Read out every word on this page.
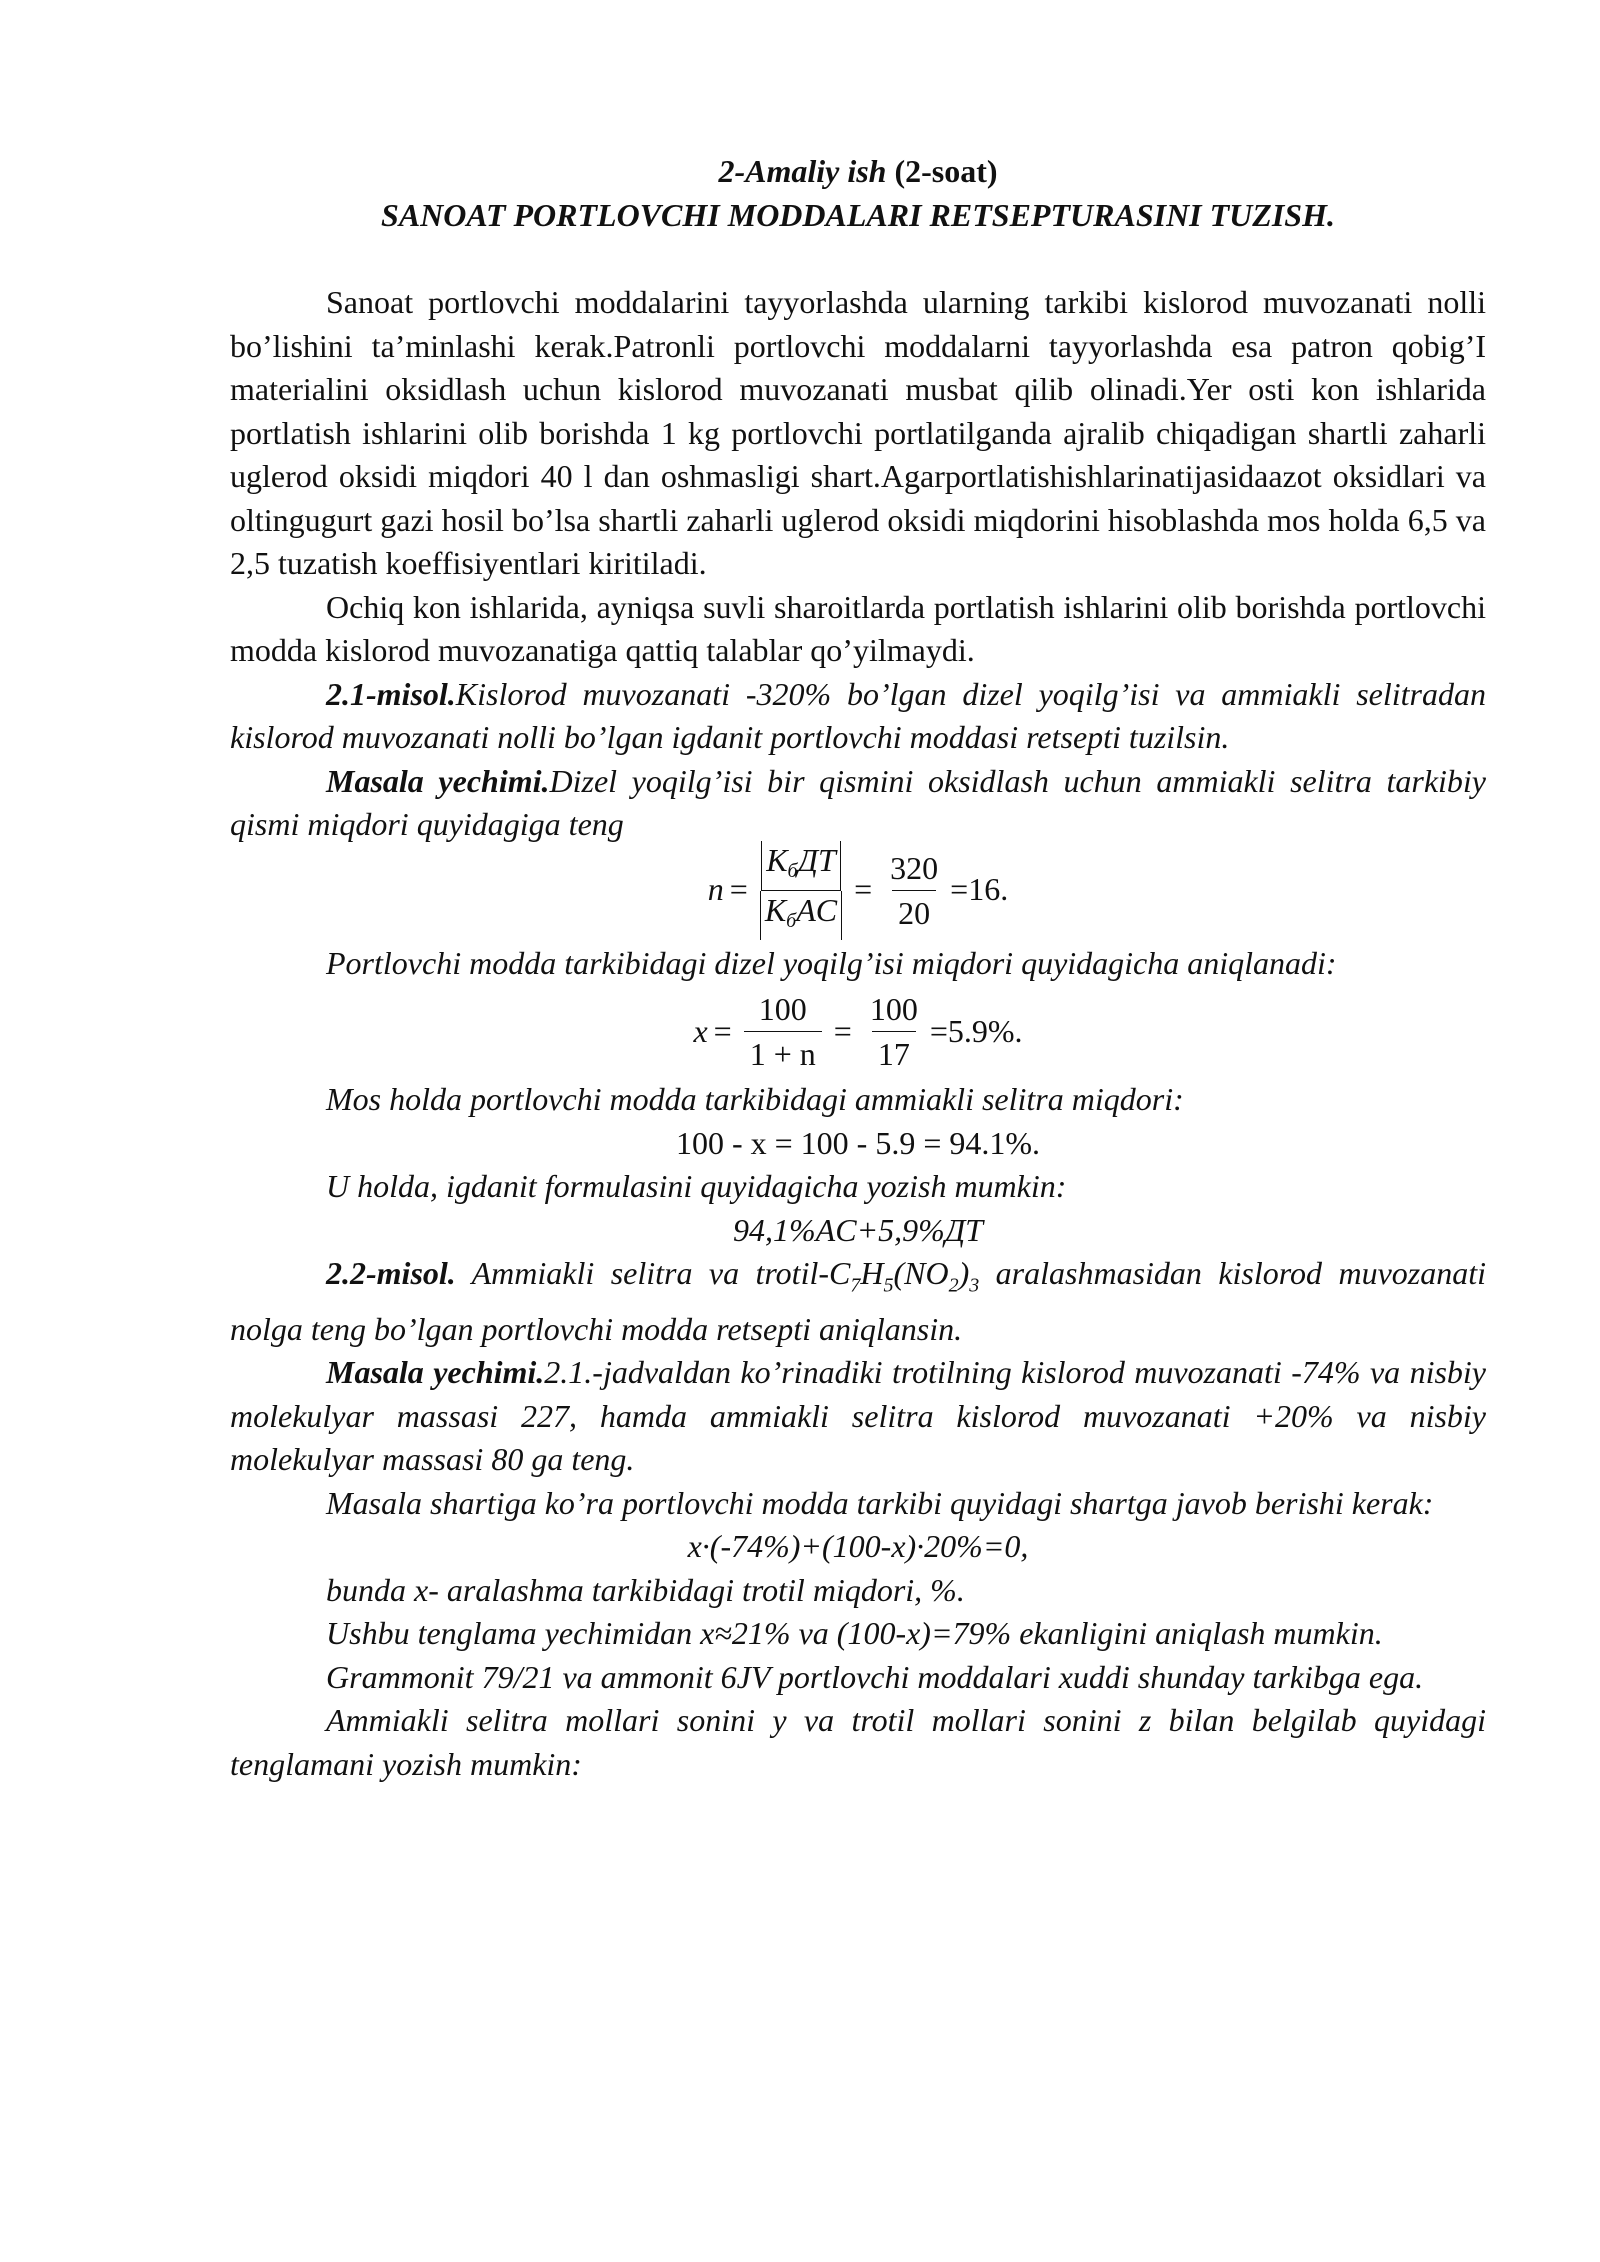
2-Amaliy ish (2-soat)
SANOAT PORTLOVCHI MODDALARI RETSEPTURASINI TUZISH.

Sanoat portlovchi moddalarini tayyorlashda ularning tarkibi kislorod muvozanati nolli bo’lishini ta’minlashi kerak.Patronli portlovchi moddalarni tayyorlashda esa patron qobig’I materialini oksidlash uchun kislorod muvozanati musbat qilib olinadi.Yer osti kon ishlarida portlatish ishlarini olib borishda 1 kg portlovchi portlatilganda ajralib chiqadigan shartli zaharli uglerod oksidi miqdori 40 l dan oshmasligi shart.Agarportlatishishlarinatijasidaazot oksidlari va oltingugurt gazi hosil bo’lsa shartli zaharli uglerod oksidi miqdorini hisoblashda mos holda 6,5 va 2,5 tuzatish koeffisiyentlari kiritiladi.

Ochiq kon ishlarida, ayniqsa suvli sharoitlarda portlatish ishlarini olib borishda portlovchi modda kislorod muvozanatiga qattiq talablar qo’yilmaydi.

2.1-misol.Kislorod muvozanati -320% bo’lgan dizel yoqilg’isi va ammiakli selitradan kislorod muvozanati nolli bo’lgan igdanit portlovchi moddasi retsepti tuzilsin.

Masala yechimi.Dizel yoqilg’isi bir qismini oksidlash uchun ammiakli selitra tarkibiy qismi miqdori quyidagiga teng

$n = \frac{K_бДТ}{K_бAC} = \frac{320}{20} =16$.

Portlovchi modda tarkibidagi dizel yoqilg’isi miqdori quyidagicha aniqlanadi:

$x = \frac{100}{1 + n} = \frac{100}{17} =5.9\%$.

Mos holda portlovchi modda tarkibidagi ammiakli selitra miqdori:

100 - x = 100 - 5.9 = 94.1%.

U holda, igdanit formulasini quyidagicha yozish mumkin:

94,1%AC+5,9%ДТ

2.2-misol. Ammiakli selitra va trotil-$C_7H_5(NO_2)_3$ aralashmasidan kislorod muvozanati nolga teng bo’lgan portlovchi modda retsepti aniqlansin.

Masala yechimi.2.1.-jadvaldan ko’rinadiki trotilning kislorod muvozanati -74% va nisbiy molekulyar massasi 227, hamda ammiakli selitra kislorod muvozanati +20% va nisbiy molekulyar massasi 80 ga teng.

Masala shartiga ko’ra portlovchi modda tarkibi quyidagi shartga javob berishi kerak:

x·(-74%)+(100-x)·20%=0,

bunda x- aralashma tarkibidagi trotil miqdori, %.

Ushbu tenglama yechimidan x≈21% va (100-x)=79% ekanligini aniqlash mumkin.

Grammonit 79/21 va ammonit 6JV portlovchi moddalari xuddi shunday tarkibga ega.

Ammiakli selitra mollari sonini y va trotil mollari sonini z bilan belgilab quyidagi tenglamani yozish mumkin:
